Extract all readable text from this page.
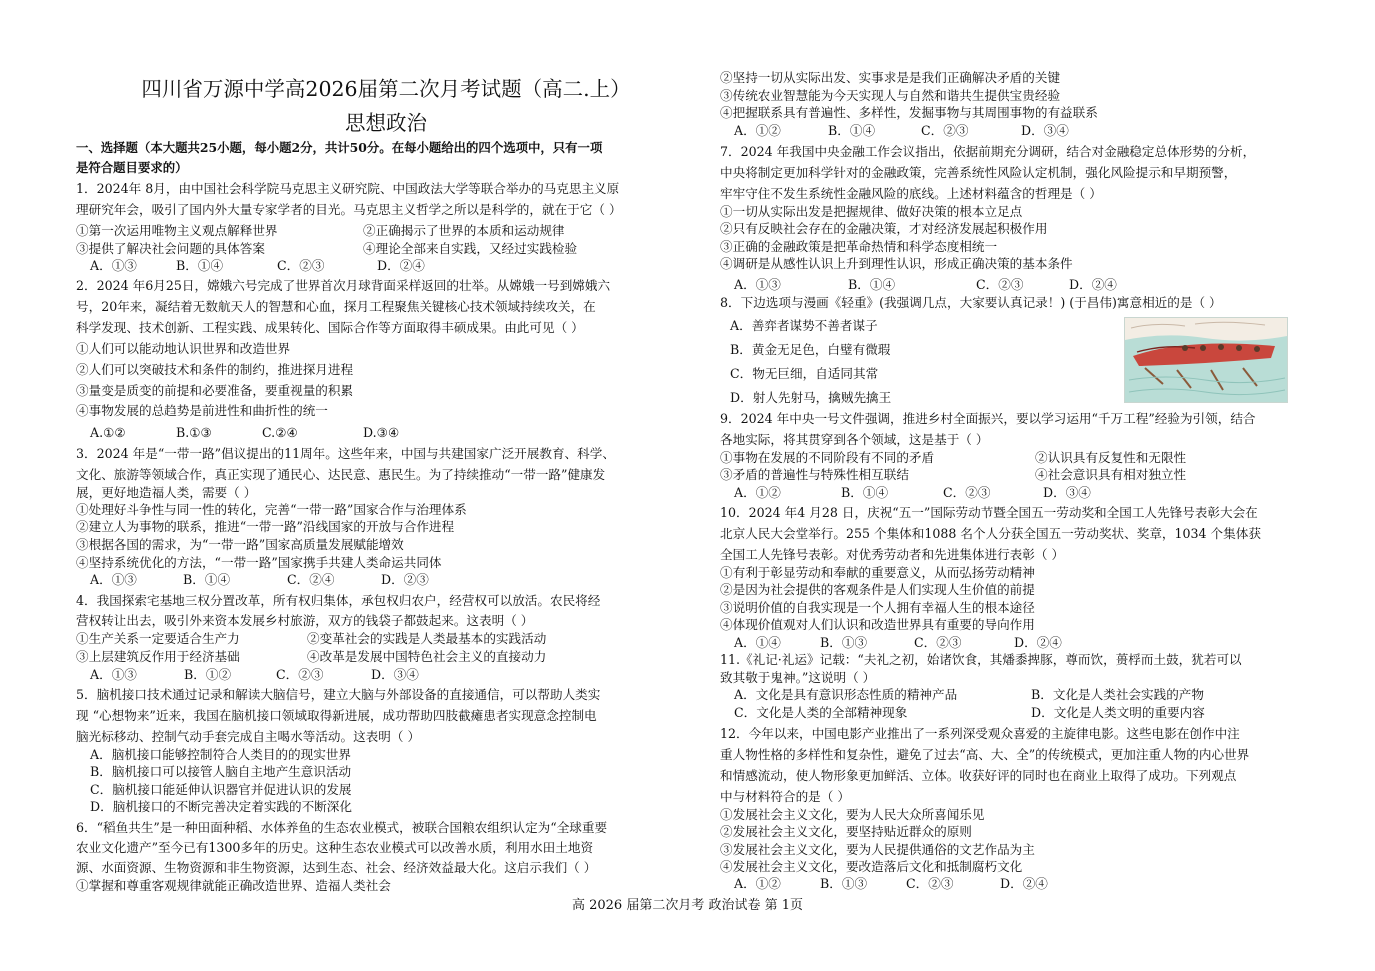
四川省万源中学高2026届第二次月考试题（高二.上）
思想政治
一、选择题（本大题共25小题，每小题2分，共计50分。在每小题给出的四个选项中，只有一项
是符合题目要求的）
1．2024年 8月，由中国社会科学院马克思主义研究院、中国政法大学等联合举办的马克思主义原
理研究年会，吸引了国内外大量专家学者的目光。马克思主义哲学之所以是科学的，就在于它（ ）
①第一次运用唯物主义观点解释世界	②正确揭示了世界的本质和运动规律
③提供了解决社会问题的具体答案	④理论全部来自实践，又经过实践检验
A．①③	B．①④	C．②③	D．②④
2．2024 年6月25日，嫦娥六号完成了世界首次月球背面采样返回的壮举。从嫦娥一号到嫦娥六
号，20年来，凝结着无数航天人的智慧和心血，探月工程聚焦关键核心技术领域持续攻关，在
科学发现、技术创新、工程实践、成果转化、国际合作等方面取得丰硕成果。由此可见（ ）
①人们可以能动地认识世界和改造世界
②人们可以突破技术和条件的制约，推进探月进程
③量变是质变的前提和必要准备，要重视量的积累
④事物发展的总趋势是前进性和曲折性的统一
A.①②	B.①③	C.②④	D.③④
3．2024 年是“一带一路”倡议提出的11周年。这些年来，中国与共建国家广泛开展教育、科学、
文化、旅游等领域合作，真正实现了通民心、达民意、惠民生。为了持续推动“一带一路”健康发
展，更好地造福人类，需要（ ）
①处理好斗争性与同一性的转化，完善“一带一路”国家合作与治理体系
②建立人为事物的联系，推进“一带一路”沿线国家的开放与合作进程
③根据各国的需求，为“一带一路”国家高质量发展赋能增效
④坚持系统优化的方法，“一带一路”国家携手共建人类命运共同体
A．①③	B．①④	C．②④	D．②③
4．我国探索宅基地三权分置改革，所有权归集体，承包权归农户，经营权可以放活。农民将经
营权转让出去，吸引外来资本发展乡村旅游，双方的钱袋子都鼓起来。这表明（ ）
①生产关系一定要适合生产力	②变革社会的实践是人类最基本的实践活动
③上层建筑反作用于经济基础	④改革是发展中国特色社会主义的直接动力
A．①③	B．①②	C．②③	D．③④
5．脑机接口技术通过记录和解读大脑信号，建立大脑与外部设备的直接通信，可以帮助人类实
现 “心想物来”近来，我国在脑机接口领域取得新进展，成功帮助四肢截瘫患者实现意念控制电
脑光标移动、控制气动手套完成自主喝水等活动。这表明（ ）
A．脑机接口能够控制符合人类目的的现实世界
B．脑机接口可以接管人脑自主地产生意识活动
C．脑机接口能延伸认识器官并促进认识的发展
D．脑机接口的不断完善决定着实践的不断深化
6．“稻鱼共生”是一种田面种稻、水体养鱼的生态农业模式，被联合国粮农组织认定为“全球重要
农业文化遗产”至今已有1300多年的历史。这种生态农业模式可以改善水质，利用水田土地资
源、水面资源、生物资源和非生物资源，达到生态、社会、经济效益最大化。这启示我们（ ）
①掌握和尊重客观规律就能正确改造世界、造福人类社会
②坚持一切从实际出发、实事求是是我们正确解决矛盾的关键
③传统农业智慧能为今天实现人与自然和谐共生提供宝贵经验
④把握联系具有普遍性、多样性，发掘事物与其周围事物的有益联系
A．①②	B．①④	C．②③	D．③④
7．2024 年我国中央金融工作会议指出，依据前期充分调研，结合对金融稳定总体形势的分析，
中央将制定更加科学针对的金融政策，完善系统性风险认定机制，强化风险提示和早期预警，
牢牢守住不发生系统性金融风险的底线。上述材料蕴含的哲理是（ ）
①一切从实际出发是把握规律、做好决策的根本立足点
②只有反映社会存在的金融决策，才对经济发展起积极作用
③正确的金融政策是把革命热情和科学态度相统一
④调研是从感性认识上升到理性认识，形成正确决策的基本条件
A．①③	B．①④	C．②③	D．②④
8．下边选项与漫画《轻重》(我强调几点，大家要认真记录！) (于昌伟)寓意相近的是（ ）
A．善弈者谋势不善者谋子
B．黄金无足色，白璧有微瑕
C．物无巨细，自适同其常
D．射人先射马，擒贼先擒王
9．2024 年中央一号文件强调，推进乡村全面振兴，要以学习运用“千万工程”经验为引领，结合
各地实际，将其贯穿到各个领域，这是基于（ ）
①事物在发展的不同阶段有不同的矛盾	②认识具有反复性和无限性
③矛盾的普遍性与特殊性相互联结	④社会意识具有相对独立性
A．①②	B．①④	C．②③	D．③④
10．2024 年4 月28 日，庆祝“五一”国际劳动节暨全国五一劳动奖和全国工人先锋号表彰大会在
北京人民大会堂举行。255 个集体和1088 名个人分获全国五一劳动奖状、奖章，1034 个集体获
全国工人先锋号表彰。对优秀劳动者和先进集体进行表彰（ ）
①有利于彰显劳动和奉献的重要意义，从而弘扬劳动精神
②是因为社会提供的客观条件是人们实现人生价值的前提
③说明价值的自我实现是一个人拥有幸福人生的根本途径
④体现价值观对人们认识和改造世界具有重要的导向作用
A．①④	B．①③	C．②③	D．②④
11.《礼记·礼运》记载：“夫礼之初，始诸饮食，其燔黍捭豚，尊而饮，蒉桴而土鼓，犹若可以
致其敬于鬼神。”这说明（ ）
A．文化是具有意识形态性质的精神产品	B．文化是人类社会实践的产物
C．文化是人类的全部精神现象	D．文化是人类文明的重要内容
12．今年以来，中国电影产业推出了一系列深受观众喜爱的主旋律电影。这些电影在创作中注
重人物性格的多样性和复杂性，避免了过去“高、大、全”的传统模式，更加注重人物的内心世界
和情感流动，使人物形象更加鲜活、立体。收获好评的同时也在商业上取得了成功。下列观点
中与材料符合的是（ ）
①发展社会主义文化，要为人民大众所喜闻乐见
②发展社会主义文化，要坚持贴近群众的原则
③发展社会主义文化，要为人民提供通俗的文艺作品为主
④发展社会主义文化，要改造落后文化和抵制腐朽文化
A．①②	B．①③	C．②③	D．②④
高 2026 届第二次月考 政治试卷 第 1页
